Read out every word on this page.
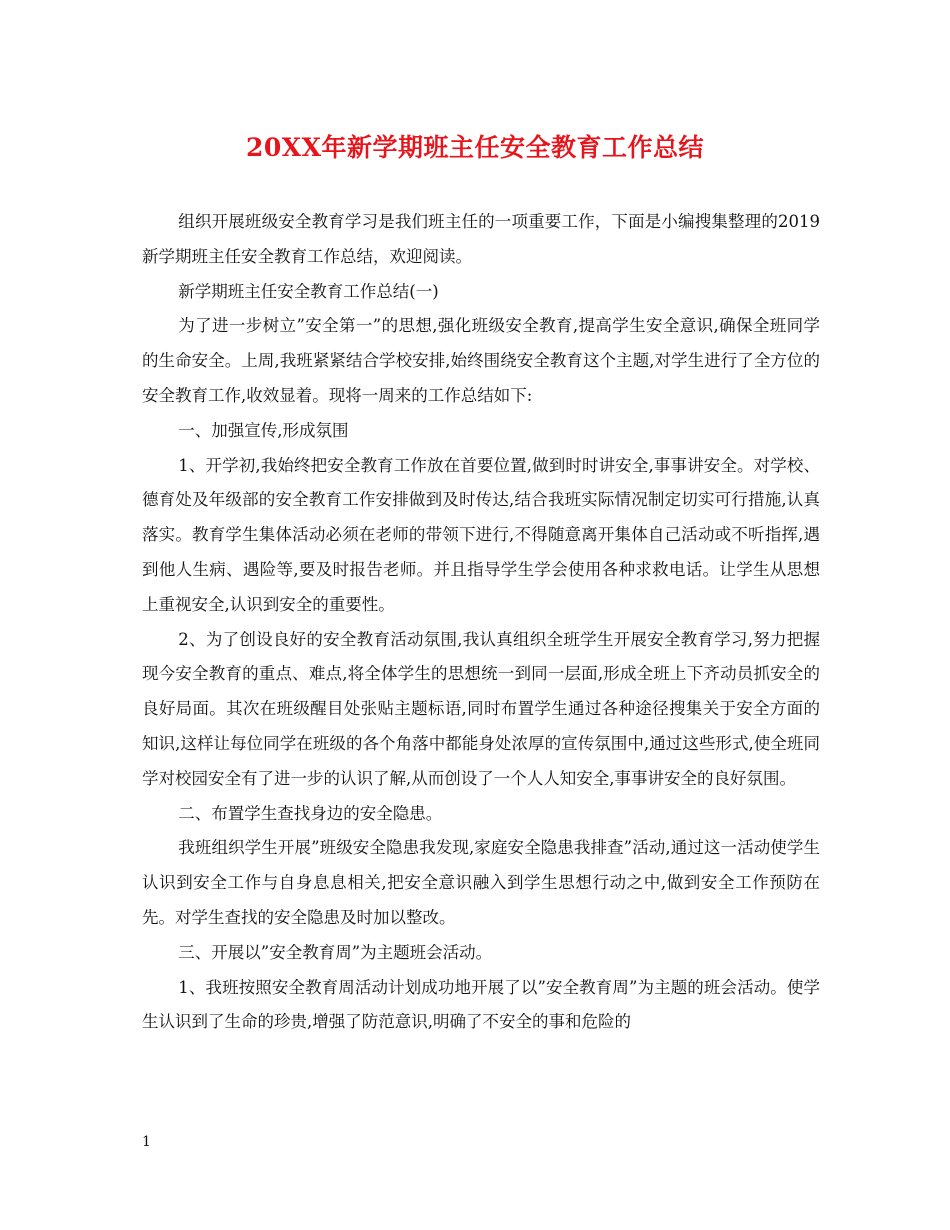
20XX年新学期班主任安全教育工作总结

组织开展班级安全教育学习是我们班主任的一项重要工作，下面是小编搜集整理的2019新学期班主任安全教育工作总结，欢迎阅读。

新学期班主任安全教育工作总结(一)

为了进一步树立”安全第一”的思想,强化班级安全教育,提高学生安全意识,确保全班同学的生命安全。上周,我班紧紧结合学校安排,始终围绕安全教育这个主题,对学生进行了全方位的安全教育工作,收效显着。现将一周来的工作总结如下:

一、加强宣传,形成氛围

1、开学初,我始终把安全教育工作放在首要位置,做到时时讲安全,事事讲安全。对学校、德育处及年级部的安全教育工作安排做到及时传达,结合我班实际情况制定切实可行措施,认真落实。教育学生集体活动必须在老师的带领下进行,不得随意离开集体自己活动或不听指挥,遇到他人生病、遇险等,要及时报告老师。并且指导学生学会使用各种求救电话。让学生从思想上重视安全,认识到安全的重要性。

2、为了创设良好的安全教育活动氛围,我认真组织全班学生开展安全教育学习,努力把握现今安全教育的重点、难点,将全体学生的思想统一到同一层面,形成全班上下齐动员抓安全的良好局面。其次在班级醒目处张贴主题标语,同时布置学生通过各种途径搜集关于安全方面的知识,这样让每位同学在班级的各个角落中都能身处浓厚的宣传氛围中,通过这些形式,使全班同学对校园安全有了进一步的认识了解,从而创设了一个人人知安全,事事讲安全的良好氛围。

二、布置学生查找身边的安全隐患。

我班组织学生开展”班级安全隐患我发现,家庭安全隐患我排查”活动,通过这一活动使学生认识到安全工作与自身息息相关,把安全意识融入到学生思想行动之中,做到安全工作预防在先。对学生查找的安全隐患及时加以整改。

三、开展以”安全教育周”为主题班会活动。

1、我班按照安全教育周活动计划成功地开展了以”安全教育周”为主题的班会活动。使学生认识到了生命的珍贵,增强了防范意识,明确了不安全的事和危险的

1
